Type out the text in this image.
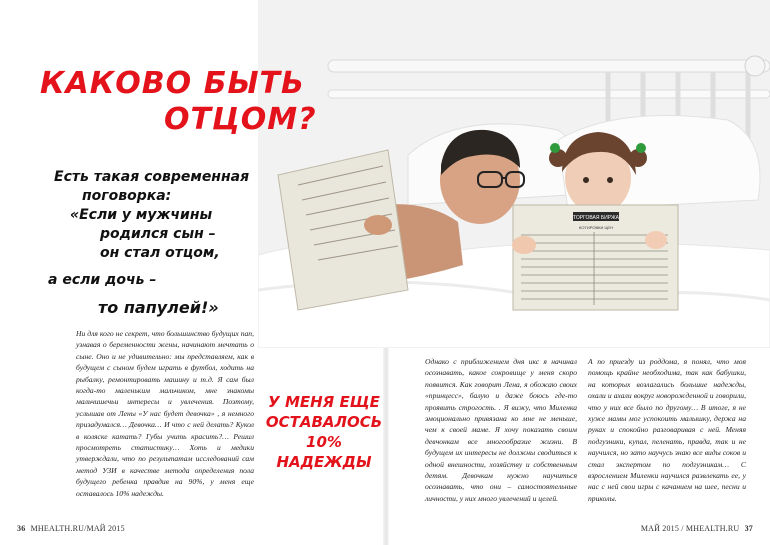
ТОРГОВАЯ БИРЖА
КОТИРОВКИ ЦЕН
КАКОВО БЫТЬ
ОТЦОМ?

Есть такая современная
поговорка:
«Если у мужчины
родился сын –
он стал отцом,
а если дочь –
то папулей!»

Ни для кого не секрет, что большинство будущих пап, узнавая о беременности жены, начинают мечтать о сыне. Оно и не удивительно: мы представляем, как в будущем с сыном будем играть в футбол, ходить на рыбалку, ремонтировать машину и т.д. Я сам был когда-то маленьким мальчиком, мне знакомы мальчишечьи интересы и увлечения. Поэтому, услышав от Лены «У нас будет девочка» , я немного призадумался… Девочка… И что с ней делать? Кукол в коляске катать? Губы учить красить?… Решил просмотреть статистику… Хоть и медики утверждали, что по результатам исследований сам метод УЗИ в качестве метода определения пола будущего ребенка правдив на 90%, у меня еще оставалось 10% надежды.

У МЕНЯ ЕЩЕ
ОСТАВАЛОСЬ
10% НАДЕЖДЫ

Однако с приближением дня икс я начинал осознавать, какое сокровище у меня скоро появится. Как говорит Лена, я обожаю своих «принцесс», балую и даже боюсь где-то проявить строгость. . Я вижу, что Миленка эмоционально привязана ко мне не меньше, чем к своей маме. Я хочу показать своим девчонкам все многообразие жизни. В будущем их интересы не должны сводиться к одной внешности, хозяйству и собственным детям. Девочкам нужно научиться осознавать, что они – самостоятельные личности, у них много увлечений и целей.

А по приезду из роддома, я понял, что моя помощь крайне необходима, так как бабушки, на которых возлагались большие надежды, охали и ахали вокруг новорожденной и говорили, что у них все было по другому… В итоге, я не хуже мамы мог успокоить малышку, держа на руках и спокойно разговаривая с ней. Меняя подгузники, купал, пеленать, правда, так и не научился, но зато научусь знаю все виды соков и стал экспертом по подгузникам… С взрослением Миленки научился развлекать ее, у нас с ней свои игры с качанием на шее, песни и приколы.

36 MHEALTH.RU/МАЙ 2015	МАЙ 2015 / MHEALTH.RU 37
